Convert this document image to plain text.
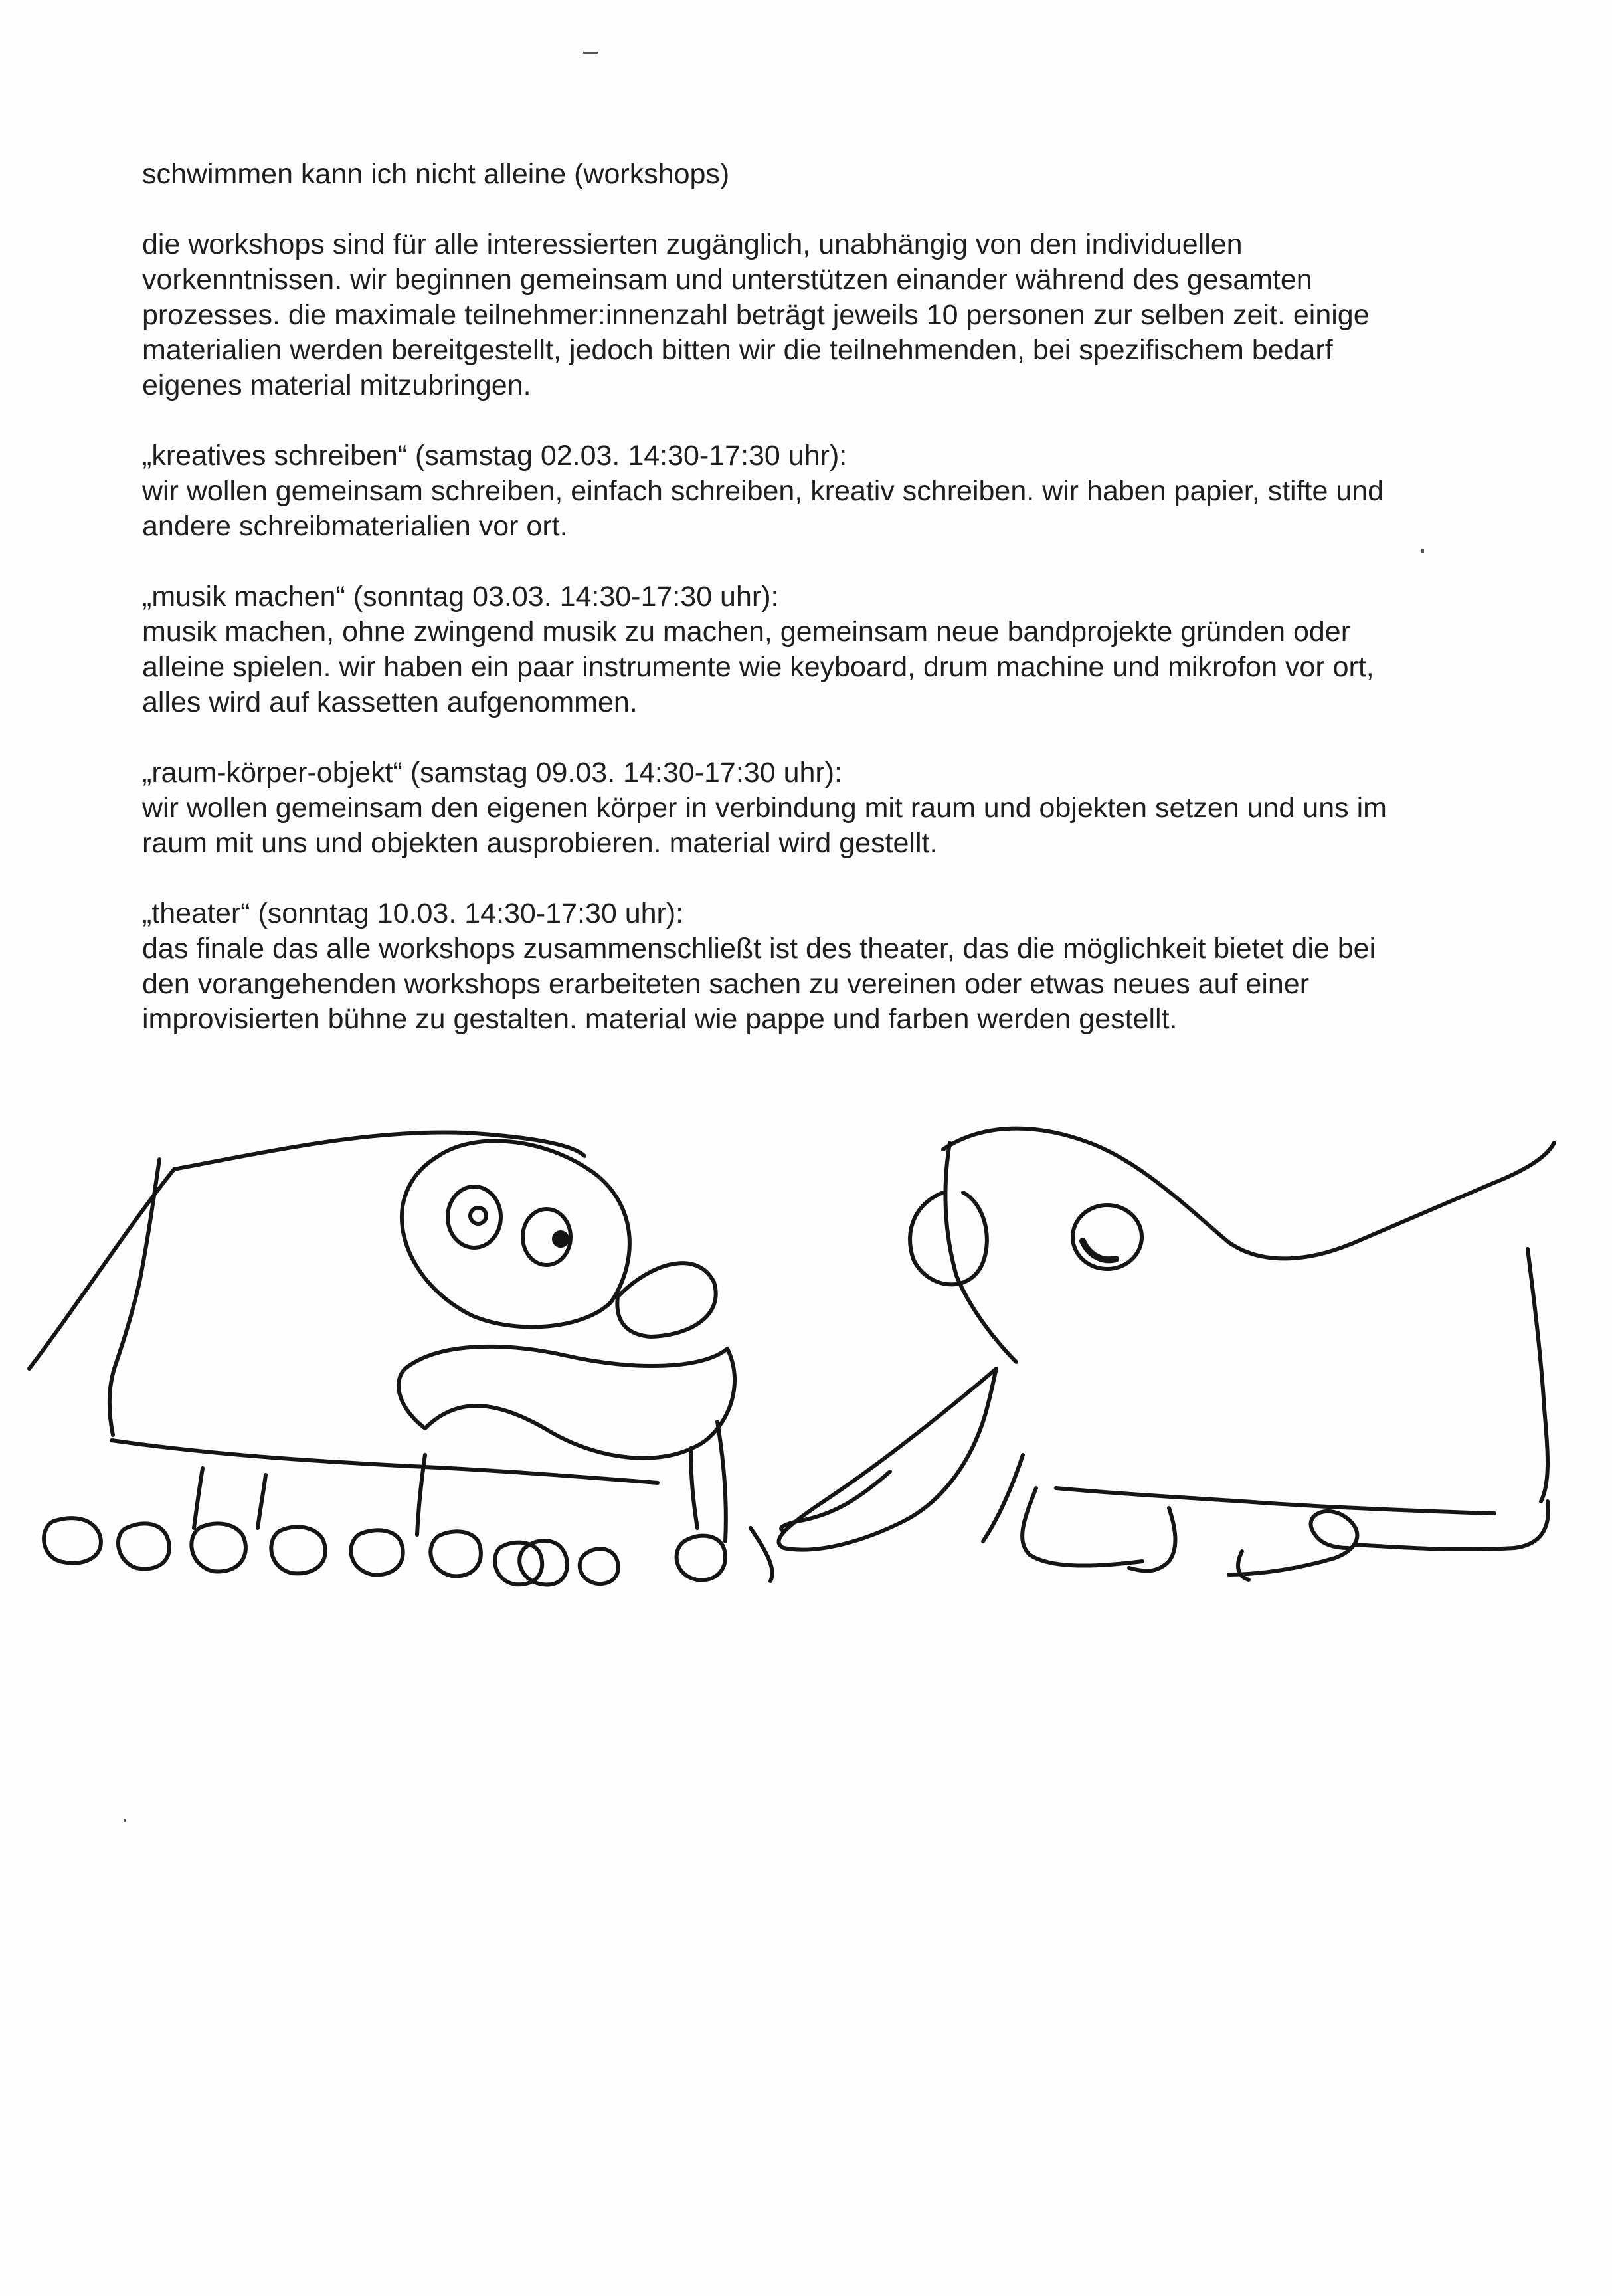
schwimmen kann ich nicht alleine (workshops)

die workshops sind für alle interessierten zugänglich, unabhängig von den individuellen
vorkenntnissen. wir beginnen gemeinsam und unterstützen einander während des gesamten
prozesses. die maximale teilnehmer:innenzahl beträgt jeweils 10 personen zur selben zeit. einige
materialien werden bereitgestellt, jedoch bitten wir die teilnehmenden, bei spezifischem bedarf
eigenes material mitzubringen.

„kreatives schreiben“ (samstag 02.03. 14:30-17:30 uhr):
wir wollen gemeinsam schreiben, einfach schreiben, kreativ schreiben. wir haben papier, stifte und
andere schreibmaterialien vor ort.

„musik machen“ (sonntag 03.03. 14:30-17:30 uhr):
musik machen, ohne zwingend musik zu machen, gemeinsam neue bandprojekte gründen oder
alleine spielen. wir haben ein paar instrumente wie keyboard, drum machine und mikrofon vor ort,
alles wird auf kassetten aufgenommen.

„raum-körper-objekt“ (samstag 09.03. 14:30-17:30 uhr):
wir wollen gemeinsam den eigenen körper in verbindung mit raum und objekten setzen und uns im
raum mit uns und objekten ausprobieren. material wird gestellt.

„theater“ (sonntag 10.03. 14:30-17:30 uhr):
das finale das alle workshops zusammenschließt ist des theater, das die möglichkeit bietet die bei
den vorangehenden workshops erarbeiteten sachen zu vereinen oder etwas neues auf einer
improvisierten bühne zu gestalten. material wie pappe und farben werden gestellt.
